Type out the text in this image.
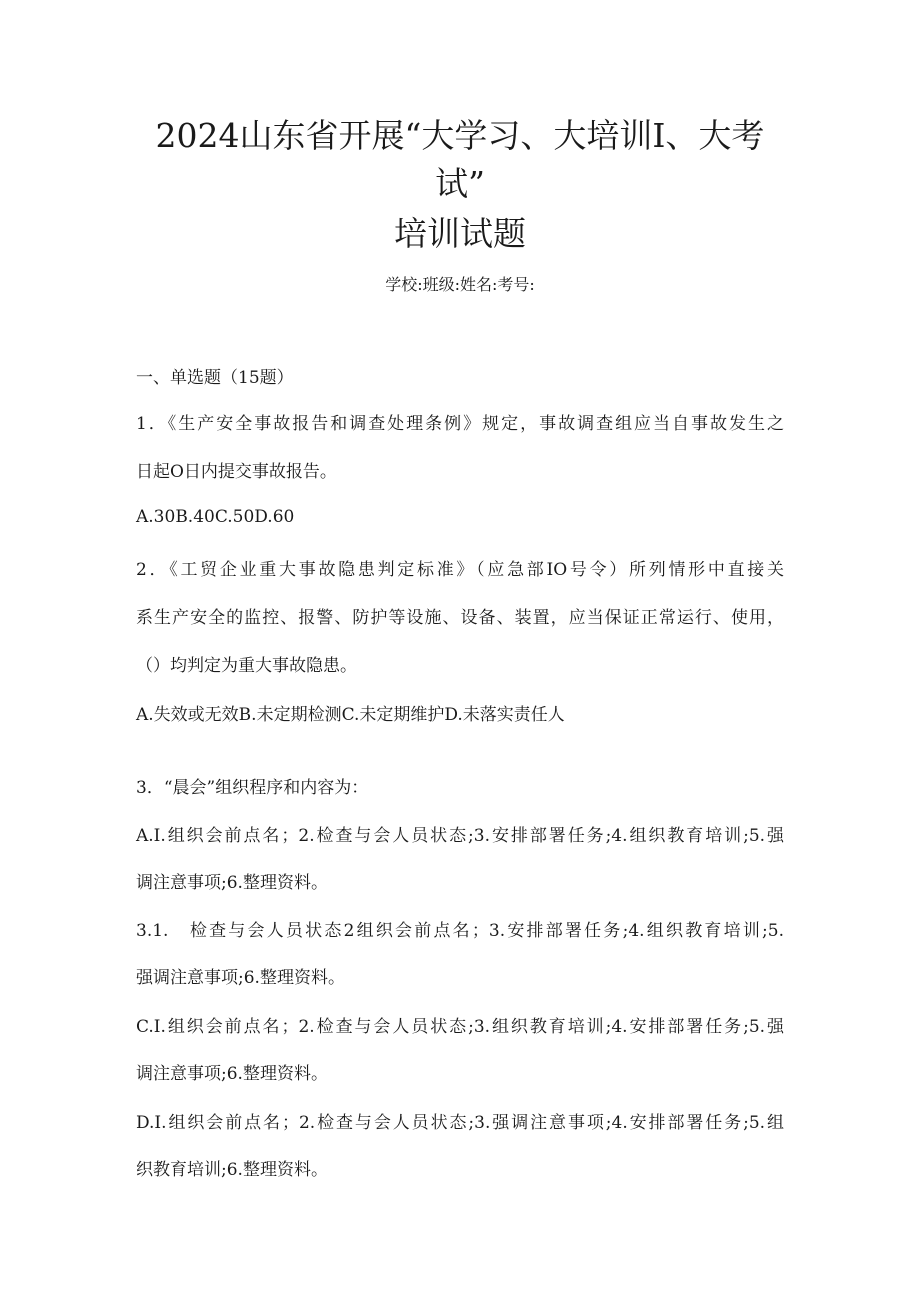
2024山东省开展“大学习、大培训I、大考
试”
培训试题
学校:班级:姓名:考号:
一、单选题（15题）
1．《生产安全事故报告和调查处理条例》规定，事故调查组应当自事故发生之
日起O日内提交事故报告。
A.30B.40C.50D.60
2．《工贸企业重大事故隐患判定标准》（应急部IO号令）所列情形中直接关
系生产安全的监控、报警、防护等设施、设备、装置，应当保证正常运行、使用，
（）均判定为重大事故隐患。
A.失效或无效B.未定期检测C.未定期维护D.未落实责任人
3．“晨会”组织程序和内容为：
A.I.组织会前点名；2.检查与会人员状态;3.安排部署任务;4.组织教育培训;5.强
调注意事项;6.整理资料。
3.1.　检查与会人员状态2组织会前点名；3.安排部署任务;4.组织教育培训;5.
强调注意事项;6.整理资料。
C.I.组织会前点名；2.检查与会人员状态;3.组织教育培训;4.安排部署任务;5.强
调注意事项;6.整理资料。
D.I.组织会前点名；2.检查与会人员状态;3.强调注意事项;4.安排部署任务;5.组
织教育培训;6.整理资料。
